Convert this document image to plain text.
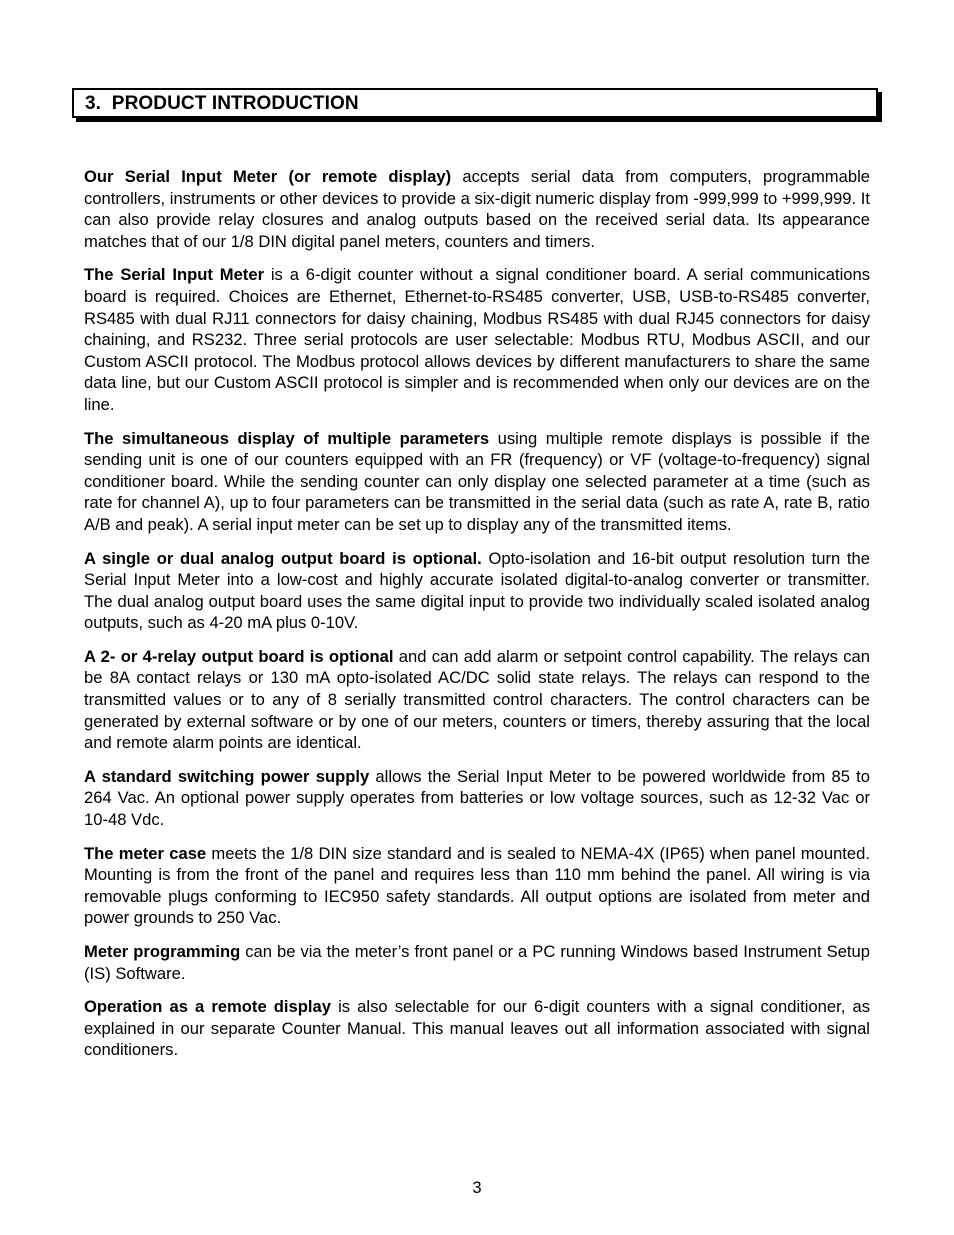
3.  PRODUCT INTRODUCTION

Our Serial Input Meter (or remote display) accepts serial data from computers, programmable controllers, instruments or other devices to provide a six-digit numeric display from -999,999 to +999,999. It can also provide relay closures and analog outputs based on the received serial data. Its appearance matches that of our 1/8 DIN digital panel meters, counters and timers.

The Serial Input Meter is a 6-digit counter without a signal conditioner board. A serial communications board is required. Choices are Ethernet, Ethernet-to-RS485 converter, USB, USB-to-RS485 converter, RS485 with dual RJ11 connectors for daisy chaining, Modbus RS485 with dual RJ45 connectors for daisy chaining, and RS232. Three serial protocols are user selectable: Modbus RTU, Modbus ASCII, and our Custom ASCII protocol. The Modbus protocol allows devices by different manufacturers to share the same data line, but our Custom ASCII protocol is simpler and is recommended when only our devices are on the line.

The simultaneous display of multiple parameters using multiple remote displays is possible if the sending unit is one of our counters equipped with an FR (frequency) or VF (voltage-to-frequency) signal conditioner board. While the sending counter can only display one selected parameter at a time (such as rate for channel A), up to four parameters can be transmitted in the serial data (such as rate A, rate B, ratio A/B and peak). A serial input meter can be set up to display any of the transmitted items.

A single or dual analog output board is optional. Opto-isolation and 16-bit output resolution turn the Serial Input Meter into a low-cost and highly accurate isolated digital-to-analog converter or transmitter. The dual analog output board uses the same digital input to provide two individually scaled isolated analog outputs, such as 4-20 mA plus 0-10V.

A 2- or 4-relay output board is optional and can add alarm or setpoint control capability. The relays can be 8A contact relays or 130 mA opto-isolated AC/DC solid state relays. The relays can respond to the transmitted values or to any of 8 serially transmitted control characters. The control characters can be generated by external software or by one of our meters, counters or timers, thereby assuring that the local and remote alarm points are identical.

A standard switching power supply allows the Serial Input Meter to be powered worldwide from 85 to 264 Vac. An optional power supply operates from batteries or low voltage sources, such as 12-32 Vac or 10-48 Vdc.

The meter case meets the 1/8 DIN size standard and is sealed to NEMA-4X (IP65) when panel mounted. Mounting is from the front of the panel and requires less than 110 mm behind the panel. All wiring is via removable plugs conforming to IEC950 safety standards. All output options are isolated from meter and power grounds to 250 Vac.

Meter programming can be via the meter’s front panel or a PC running Windows based Instrument Setup (IS) Software.

Operation as a remote display is also selectable for our 6-digit counters with a signal conditioner, as explained in our separate Counter Manual. This manual leaves out all information associated with signal conditioners.

3
